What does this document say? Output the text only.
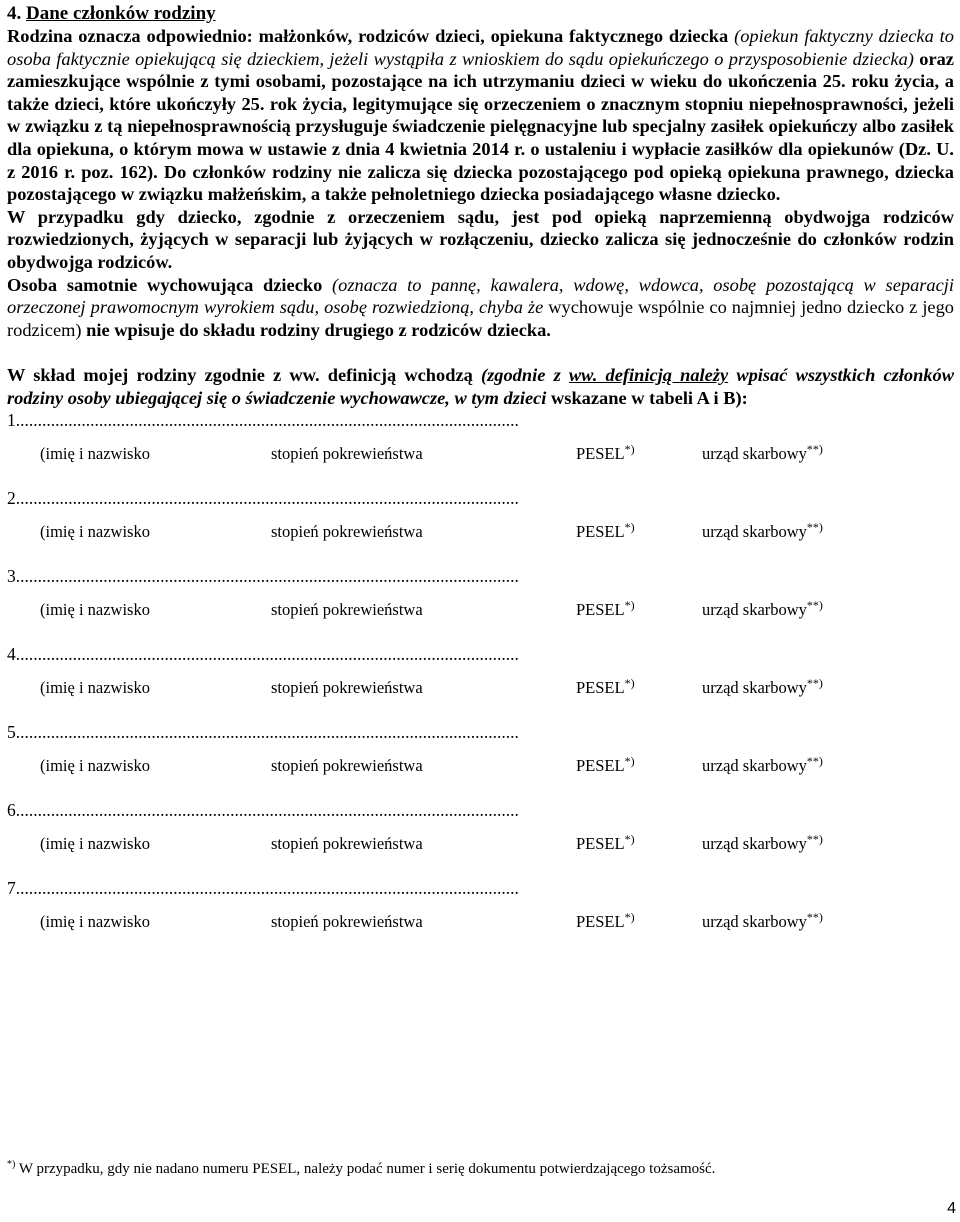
4. Dane członków rodziny

Rodzina oznacza odpowiednio: małżonków, rodziców dzieci, opiekuna faktycznego dziecka (opiekun faktyczny dziecka to osoba faktycznie opiekującą się dzieckiem, jeżeli wystąpiła z wnioskiem do sądu opiekuńczego o przysposobienie dziecka) oraz zamieszkujące wspólnie z tymi osobami, pozostające na ich utrzymaniu dzieci w wieku do ukończenia 25. roku życia, a także dzieci, które ukończyły 25. rok życia, legitymujące się orzeczeniem o znacznym stopniu niepełnosprawności, jeżeli w związku z tą niepełnosprawnością przysługuje świadczenie pielęgnacyjne lub specjalny zasiłek opiekuńczy albo zasiłek dla opiekuna, o którym mowa w ustawie z dnia 4 kwietnia 2014 r. o ustaleniu i wypłacie zasiłków dla opiekunów (Dz. U. z 2016 r. poz. 162). Do członków rodziny nie zalicza się dziecka pozostającego pod opieką opiekuna prawnego, dziecka pozostającego w związku małżeńskim, a także pełnoletniego dziecka posiadającego własne dziecko.

W przypadku gdy dziecko, zgodnie z orzeczeniem sądu, jest pod opieką naprzemienną obydwojga rodziców rozwiedzionych, żyjących w separacji lub żyjących w rozłączeniu, dziecko zalicza się jednocześnie do członków rodzin obydwojga rodziców.

Osoba samotnie wychowująca dziecko (oznacza to pannę, kawalera, wdowę, wdowca, osobę pozostającą w separacji orzeczonej prawomocnym wyrokiem sądu, osobę rozwiedzioną, chyba że wychowuje wspólnie co najmniej jedno dziecko z jego rodzicem) nie wpisuje do składu rodziny drugiego z rodziców dziecka.

W skład mojej rodziny zgodnie z ww. definicją wchodzą (zgodnie z ww. definicją należy wpisać wszystkich członków rodziny osoby ubiegającej się o świadczenie wychowawcze, w tym dzieci wskazane w tabeli A i B):

1...................................................................................................................
(imię i nazwisko	stopień pokrewieństwa	PESEL*)	urząd skarbowy**)
2...................................................................................................................
(imię i nazwisko	stopień pokrewieństwa	PESEL*)	urząd skarbowy**)
3...................................................................................................................
(imię i nazwisko	stopień pokrewieństwa	PESEL*)	urząd skarbowy**)
4...................................................................................................................
(imię i nazwisko	stopień pokrewieństwa	PESEL*)	urząd skarbowy**)
5...................................................................................................................
(imię i nazwisko	stopień pokrewieństwa	PESEL*)	urząd skarbowy**)
6...................................................................................................................
(imię i nazwisko	stopień pokrewieństwa	PESEL*)	urząd skarbowy**)
7...................................................................................................................
(imię i nazwisko	stopień pokrewieństwa	PESEL*)	urząd skarbowy**)
*) W przypadku, gdy nie nadano numeru PESEL, należy podać numer i serię dokumentu potwierdzającego tożsamość.
4
